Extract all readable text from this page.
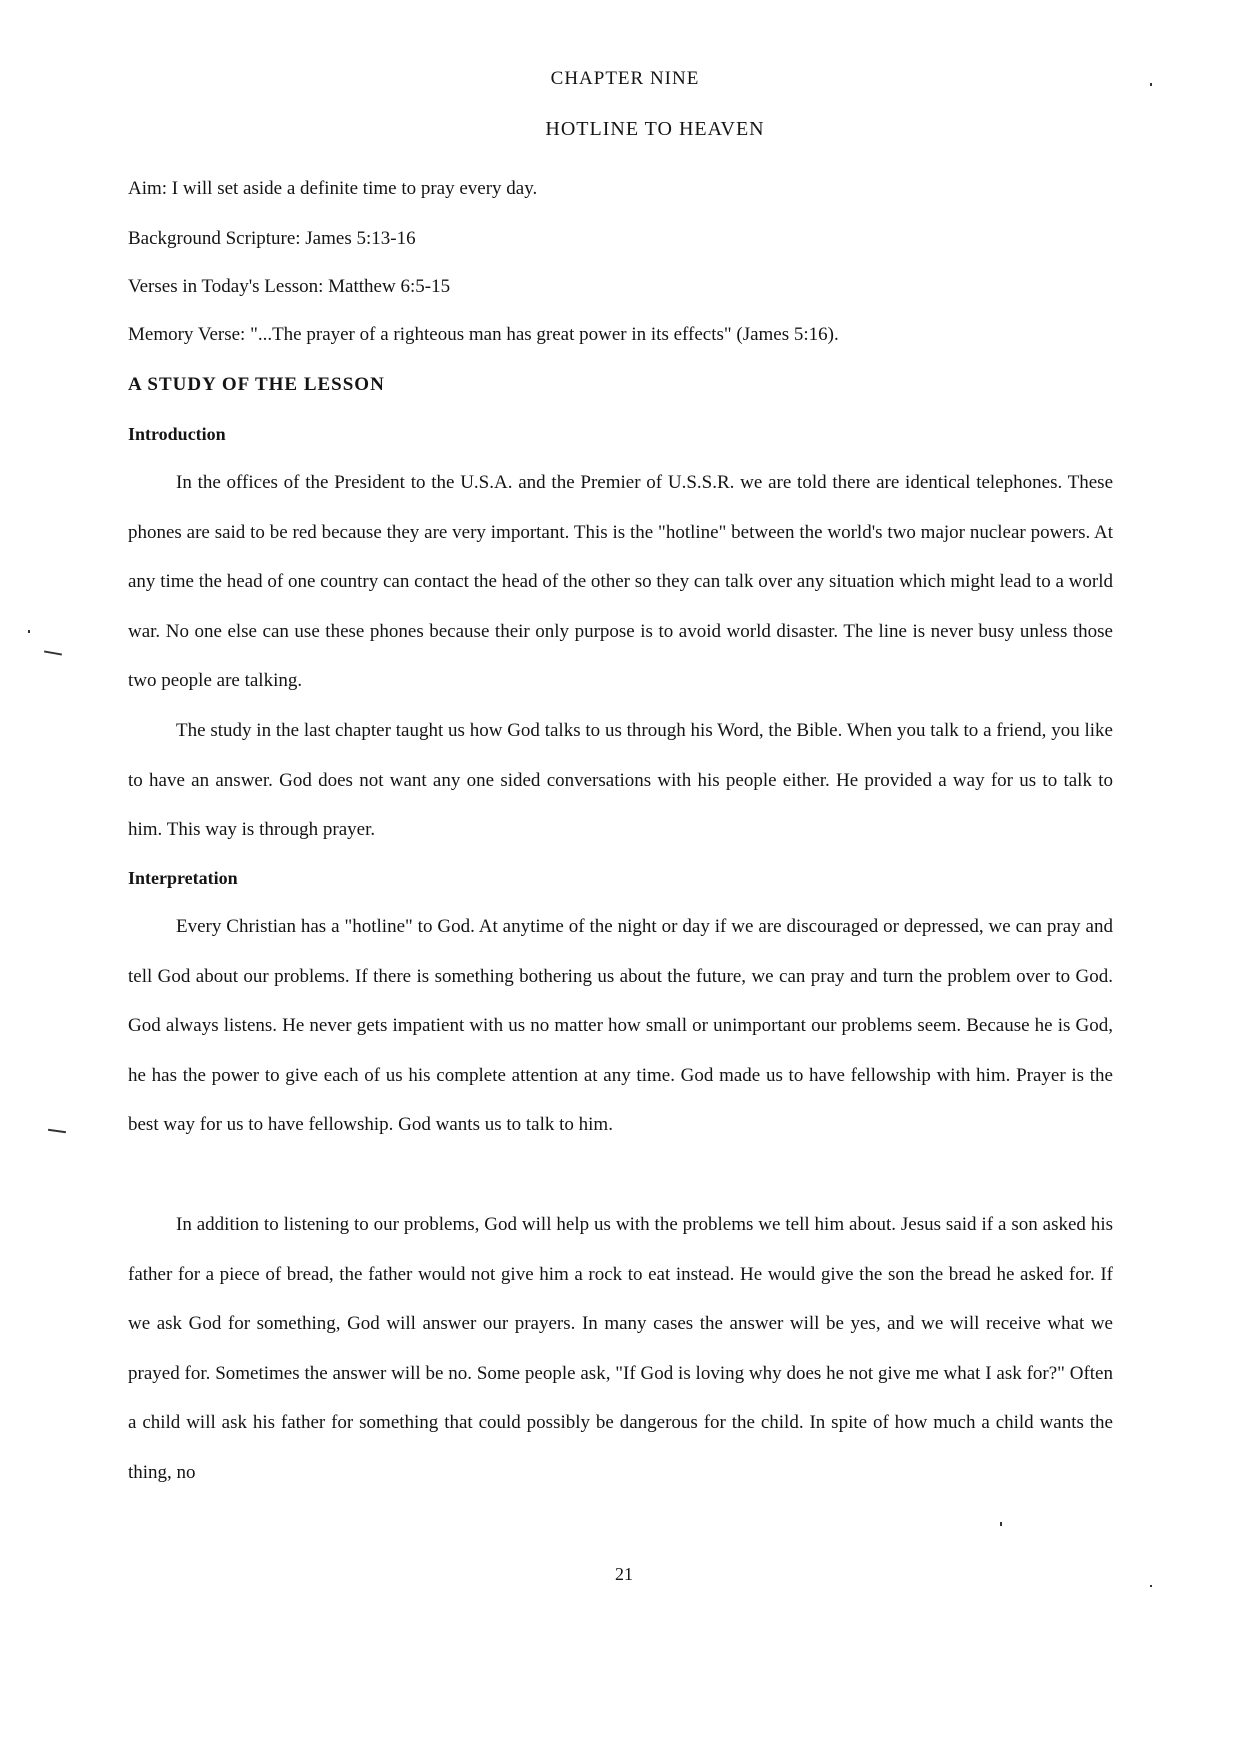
CHAPTER NINE
HOTLINE TO HEAVEN
Aim: I will set aside a definite time to pray every day.
Background Scripture: James 5:13-16
Verses in Today's Lesson: Matthew 6:5-15
Memory Verse: "...The prayer of a righteous man has great power in its effects" (James 5:16).
A STUDY OF THE LESSON
Introduction

In the offices of the President to the U.S.A. and the Premier of U.S.S.R. we are told there are identical telephones. These phones are said to be red because they are very important. This is the "hotline" between the world's two major nuclear powers. At any time the head of one country can contact the head of the other so they can talk over any situation which might lead to a world war. No one else can use these phones because their only purpose is to avoid world disaster. The line is never busy unless those two people are talking.

The study in the last chapter taught us how God talks to us through his Word, the Bible. When you talk to a friend, you like to have an answer. God does not want any one sided conversations with his people either. He provided a way for us to talk to him. This way is through prayer.

Interpretation

Every Christian has a "hotline" to God. At anytime of the night or day if we are discouraged or depressed, we can pray and tell God about our problems. If there is something bothering us about the future, we can pray and turn the problem over to God. God always listens. He never gets impatient with us no matter how small or unimportant our problems seem. Because he is God, he has the power to give each of us his complete attention at any time. God made us to have fellowship with him. Prayer is the best way for us to have fellowship. God wants us to talk to him.

In addition to listening to our problems, God will help us with the problems we tell him about. Jesus said if a son asked his father for a piece of bread, the father would not give him a rock to eat instead. He would give the son the bread he asked for. If we ask God for something, God will answer our prayers. In many cases the answer will be yes, and we will receive what we prayed for. Sometimes the answer will be no. Some people ask, "If God is loving why does he not give me what I ask for?" Often a child will ask his father for something that could possibly be dangerous for the child. In spite of how much a child wants the thing, no

21
